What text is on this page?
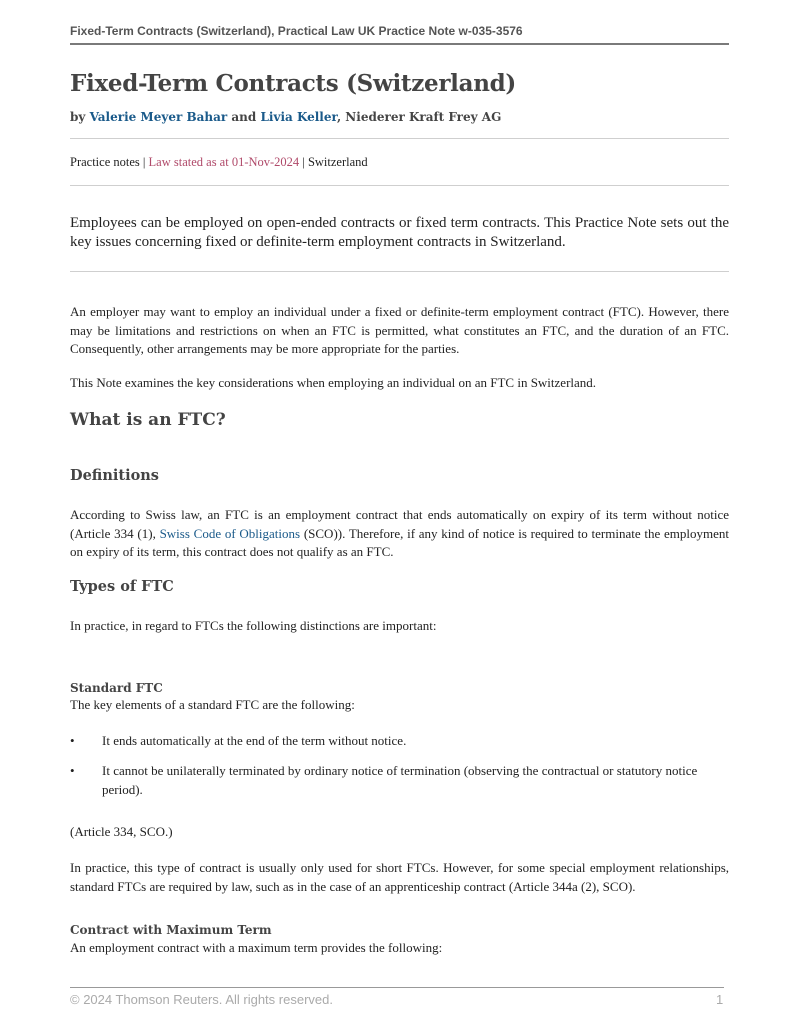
Fixed-Term Contracts (Switzerland), Practical Law UK Practice Note w-035-3576
Fixed-Term Contracts (Switzerland)
by Valerie Meyer Bahar and Livia Keller, Niederer Kraft Frey AG
Practice notes | Law stated as at 01-Nov-2024 | Switzerland
Employees can be employed on open-ended contracts or fixed term contracts. This Practice Note sets out the key issues concerning fixed or definite-term employment contracts in Switzerland.

An employer may want to employ an individual under a fixed or definite-term employment contract (FTC). However, there may be limitations and restrictions on when an FTC is permitted, what constitutes an FTC, and the duration of an FTC. Consequently, other arrangements may be more appropriate for the parties.

This Note examines the key considerations when employing an individual on an FTC in Switzerland.

What is an FTC?
Definitions

According to Swiss law, an FTC is an employment contract that ends automatically on expiry of its term without notice (Article 334 (1), Swiss Code of Obligations (SCO)). Therefore, if any kind of notice is required to terminate the employment on expiry of its term, this contract does not qualify as an FTC.

Types of FTC

In practice, in regard to FTCs the following distinctions are important:

Standard FTC

The key elements of a standard FTC are the following:

• It ends automatically at the end of the term without notice.
• It cannot be unilaterally terminated by ordinary notice of termination (observing the contractual or statutory notice period).

(Article 334, SCO.)

In practice, this type of contract is usually only used for short FTCs. However, for some special employment relationships, standard FTCs are required by law, such as in the case of an apprenticeship contract (Article 344a (2), SCO).

Contract with Maximum Term

An employment contract with a maximum term provides the following:

© 2024 Thomson Reuters. All rights reserved.	1
